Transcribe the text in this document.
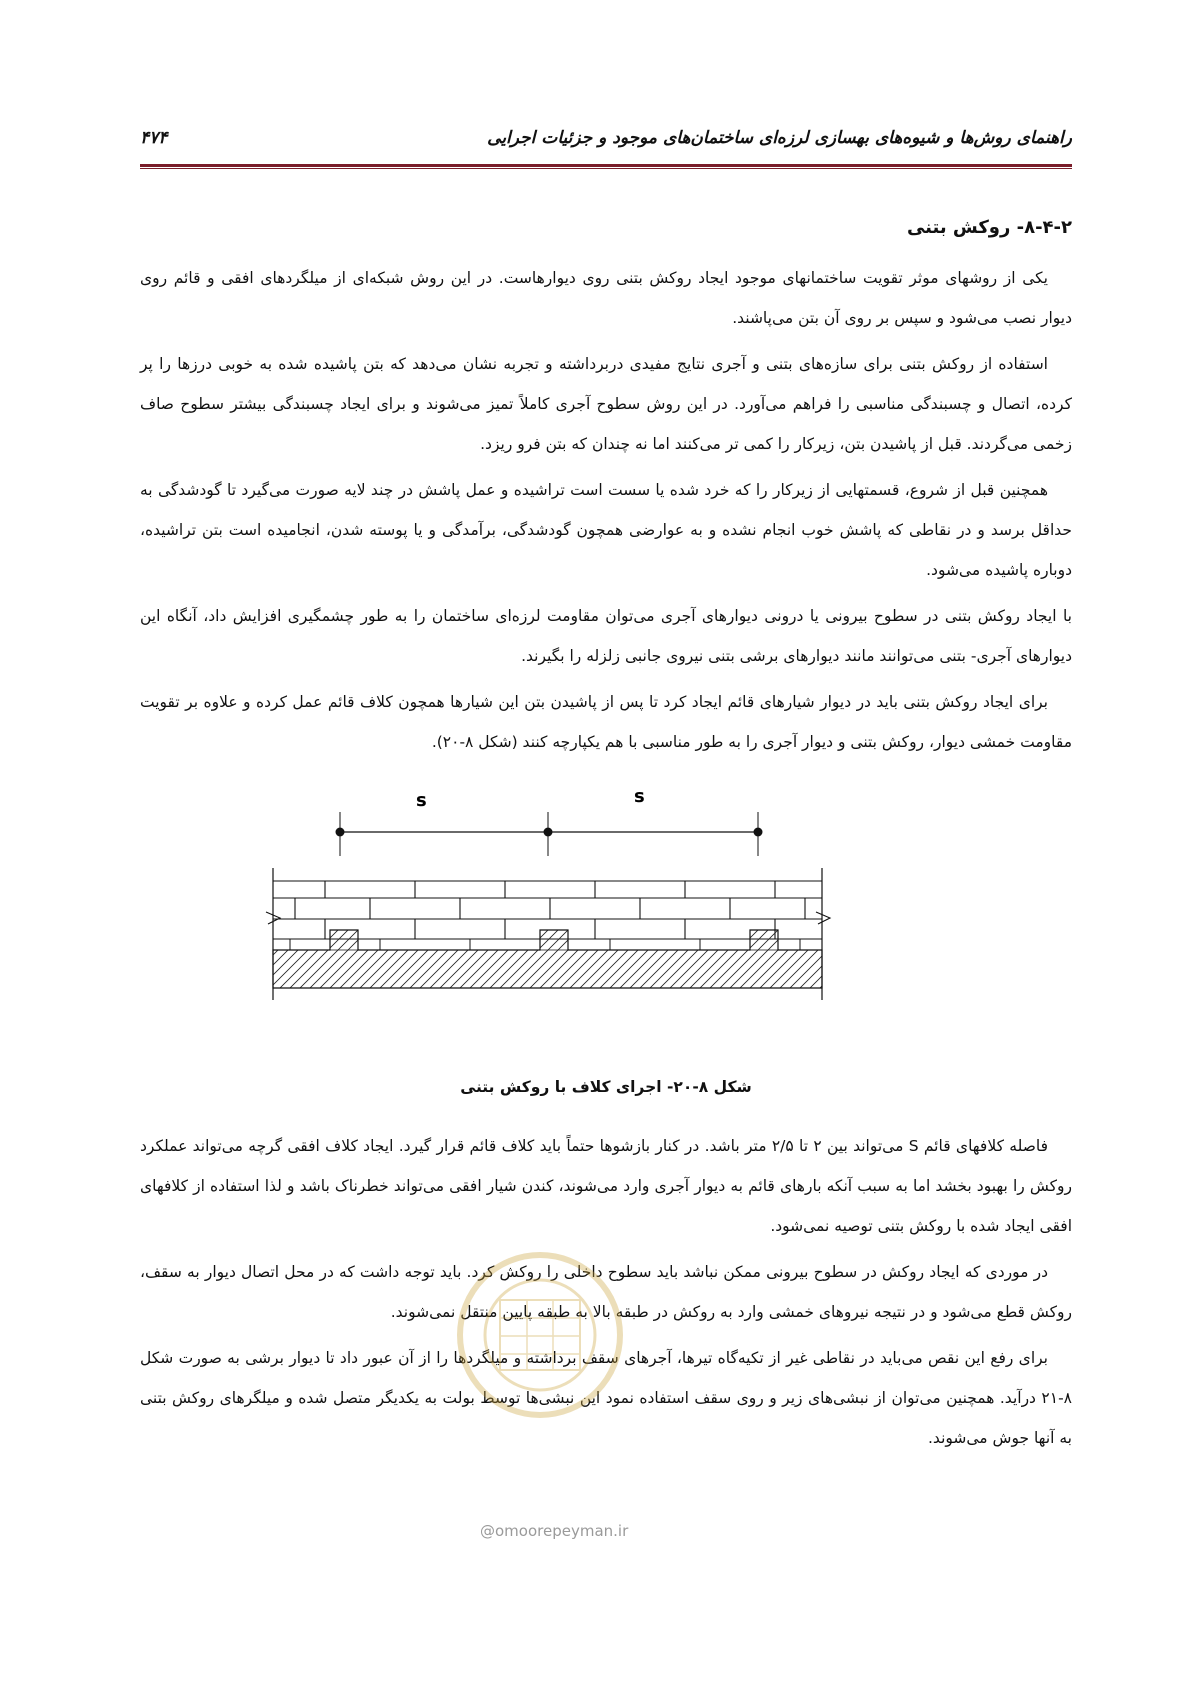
راهنمای روش‌ها و شیوه‌های بهسازی لرزه‌ای ساختمان‌های موجود و جزئیات اجرایی
۴۷۴
۸-۴-۲- روکش بتنی

یکی از روشهای موثر تقویت ساختمانهای موجود ایجاد روکش بتنی روی دیوارهاست. در این روش شبکه‌ای از میلگردهای افقی و قائم روی دیوار نصب می‌شود و سپس بر روی آن بتن می‌پاشند.

استفاده از روکش بتنی برای سازه‌های بتنی و آجری نتایج مفیدی دربرداشته و تجربه نشان می‌دهد که بتن پاشیده شده به خوبی درزها را پر کرده، اتصال و چسبندگی مناسبی را فراهم می‌آورد. در این روش سطوح آجری کاملاً تمیز می‌شوند و برای ایجاد چسبندگی بیشتر سطوح صاف زخمی می‌گردند. قبل از پاشیدن بتن، زیرکار را کمی تر می‌کنند اما نه چندان که بتن فرو ریزد.

همچنین قبل از شروع، قسمتهایی از زیرکار را که خرد شده یا سست است تراشیده و عمل پاشش در چند لایه صورت می‌گیرد تا گودشدگی به حداقل برسد و در نقاطی که پاشش خوب انجام نشده و به عوارضی همچون گودشدگی، برآمدگی و یا پوسته شدن، انجامیده است بتن تراشیده، دوباره پاشیده می‌شود.

با ایجاد روکش بتنی در سطوح بیرونی یا درونی دیوارهای آجری می‌توان مقاومت لرزه‌ای ساختمان را به طور چشمگیری افزایش داد، آنگاه این دیوارهای آجری- بتنی می‌توانند مانند دیوارهای برشی بتنی نیروی جانبی زلزله را بگیرند.

برای ایجاد روکش بتنی باید در دیوار شیارهای قائم ایجاد کرد تا پس از پاشیدن بتن این شیارها همچون کلاف قائم عمل کرده و علاوه بر تقویت مقاومت خمشی دیوار، روکش بتنی و دیوار آجری را به طور مناسبی با هم یکپارچه کنند (شکل ۸-۲۰).

s	s
شکل ۸-۲۰- اجرای کلاف با روکش بتنی

فاصله کلافهای قائم S می‌تواند بین ۲ تا ۲/۵ متر باشد. در کنار بازشوها حتماً باید کلاف قائم قرار گیرد. ایجاد کلاف افقی گرچه می‌تواند عملکرد روکش را بهبود بخشد اما به سبب آنکه بارهای قائم به دیوار آجری وارد می‌شوند، کندن شیار افقی می‌تواند خطرناک باشد و لذا استفاده از کلافهای افقی ایجاد شده با روکش بتنی توصیه نمی‌شود.

در موردی که ایجاد روکش در سطوح بیرونی ممکن نباشد باید سطوح داخلی را روکش کرد. باید توجه داشت که در محل اتصال دیوار به سقف، روکش قطع می‌شود و در نتیجه نیروهای خمشی وارد به روکش در طبقه بالا به طبقه پایین منتقل نمی‌شوند.

برای رفع این نقص می‌باید در نقاطی غیر از تکیه‌گاه تیرها، آجرهای سقف برداشته و میلگردها را از آن عبور داد تا دیوار برشی به صورت شکل ۸-۲۱ درآید. همچنین می‌توان از نبشی‌های زیر و روی سقف استفاده نمود این نبشی‌ها توسط بولت به یکدیگر متصل شده و میلگرهای روکش بتنی به آنها جوش می‌شوند.

@omoorepeyman.ir
